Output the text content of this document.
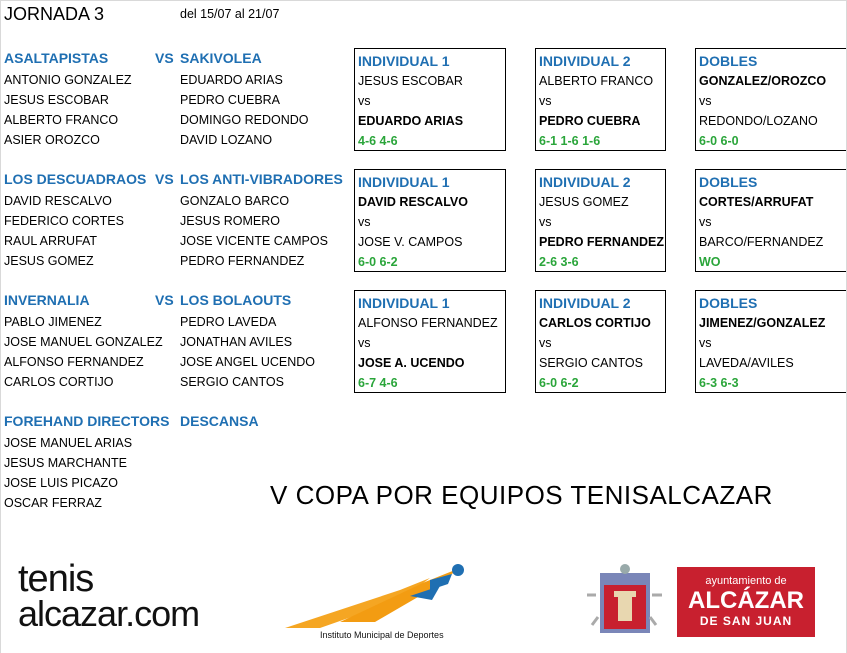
JORNADA 3	del 15/07 al 21/07
ASALTAPISTAS	VS SAKIVOLEA
ANTONIO GONZALEZ
JESUS ESCOBAR
ALBERTO FRANCO
ASIER OROZCO
EDUARDO ARIAS
PEDRO CUEBRA
DOMINGO REDONDO
DAVID LOZANO
INDIVIDUAL 1
JESUS ESCOBAR
vs
EDUARDO ARIAS
4-6 4-6
INDIVIDUAL 2
ALBERTO FRANCO
vs
PEDRO CUEBRA
6-1 1-6 1-6
DOBLES
GONZALEZ/OROZCO
vs
REDONDO/LOZANO
6-0 6-0
LOS DESCUADRAOS VS LOS ANTI-VIBRADORES
DAVID RESCALVO
FEDERICO CORTES
RAUL ARRUFAT
JESUS GOMEZ
GONZALO BARCO
JESUS ROMERO
JOSE VICENTE CAMPOS
PEDRO FERNANDEZ
INDIVIDUAL 1
DAVID RESCALVO
vs
JOSE V. CAMPOS
6-0 6-2
INDIVIDUAL 2
JESUS GOMEZ
vs
PEDRO FERNANDEZ
2-6 3-6
DOBLES
CORTES/ARRUFAT
vs
BARCO/FERNANDEZ
WO
INVERNALIA	VS LOS BOLAOUTS
PABLO JIMENEZ
JOSE MANUEL GONZALEZ
ALFONSO FERNANDEZ
CARLOS CORTIJO
PEDRO LAVEDA
JONATHAN AVILES
JOSE ANGEL UCENDO
SERGIO CANTOS
INDIVIDUAL 1
ALFONSO FERNANDEZ
vs
JOSE A. UCENDO
6-7 4-6
INDIVIDUAL 2
CARLOS CORTIJO
vs
SERGIO CANTOS
6-0 6-2
DOBLES
JIMENEZ/GONZALEZ
vs
LAVEDA/AVILES
6-3 6-3
FOREHAND DIRECTORS DESCANSA
JOSE MANUEL ARIAS
JESUS MARCHANTE
JOSE LUIS PICAZO
OSCAR FERRAZ	V COPA POR EQUIPOS TENISALCAZAR
tenis
alcazar.com
Instituto Municipal de Deportes
ayuntamiento de
ALCÁZAR
DE SAN JUAN
